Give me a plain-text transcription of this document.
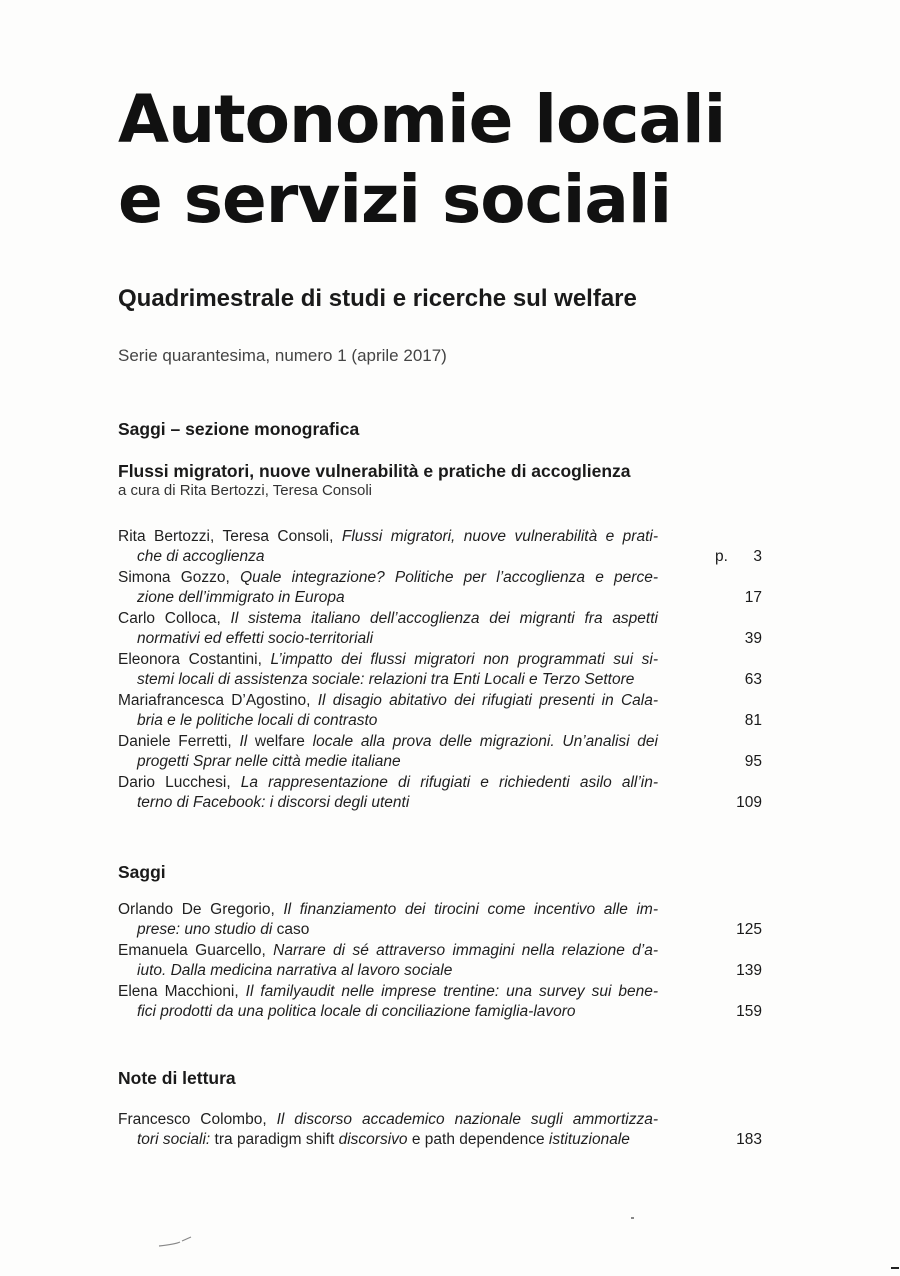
Autonomie locali
e servizi sociali

Quadrimestrale di studi e ricerche sul welfare

Serie quarantesima, numero 1 (aprile 2017)

Saggi – sezione monografica

Flussi migratori, nuove vulnerabilità e pratiche di accoglienza

a cura di Rita Bertozzi, Teresa Consoli

Rita Bertozzi, Teresa Consoli, Flussi migratori, nuove vulnerabilità e prati-
che di accoglienza	p. 3
Simona Gozzo, Quale integrazione? Politiche per l’accoglienza e perce-
zione dell’immigrato in Europa	17
Carlo Colloca, Il sistema italiano dell’accoglienza dei migranti fra aspetti
normativi ed effetti socio-territoriali	39
Eleonora Costantini, L’impatto dei flussi migratori non programmati sui si-
stemi locali di assistenza sociale: relazioni tra Enti Locali e Terzo Settore	63
Mariafrancesca D’Agostino, Il disagio abitativo dei rifugiati presenti in Cala-
bria e le politiche locali di contrasto	81
Daniele Ferretti, Il welfare locale alla prova delle migrazioni. Un’analisi dei
progetti Sprar nelle città medie italiane	95
Dario Lucchesi, La rappresentazione di rifugiati e richiedenti asilo all’in-
terno di Facebook: i discorsi degli utenti	109

Saggi

Orlando De Gregorio, Il finanziamento dei tirocini come incentivo alle im-
prese: uno studio di caso	125
Emanuela Guarcello, Narrare di sé attraverso immagini nella relazione d’a-
iuto. Dalla medicina narrativa al lavoro sociale	139
Elena Macchioni, Il familyaudit nelle imprese trentine: una survey sui bene-
fici prodotti da una politica locale di conciliazione famiglia-lavoro	159

Note di lettura

Francesco Colombo, Il discorso accademico nazionale sugli ammortizza-
tori sociali: tra paradigm shift discorsivo e path dependence istituzionale	183
